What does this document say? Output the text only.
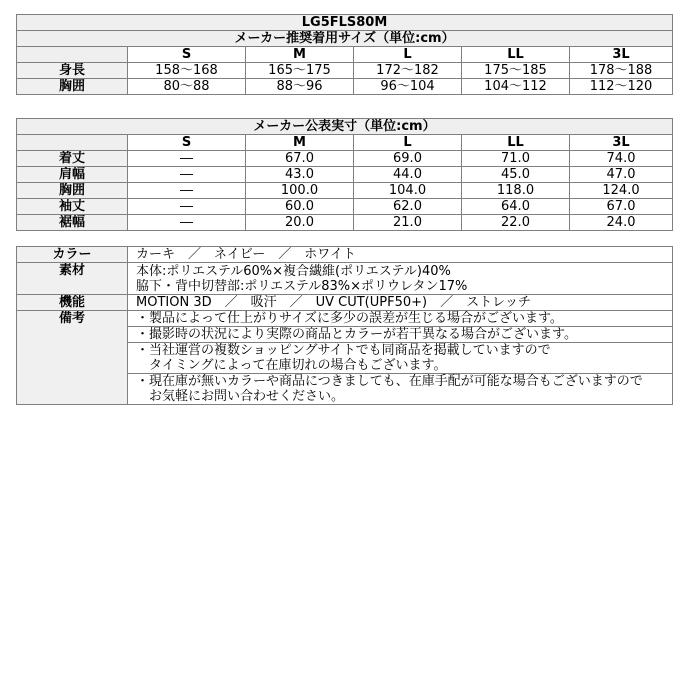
LG5FLS80M					
メーカー推奨着用サイズ（単位:cm）					
	S	M	L	LL	3L
身長	158～168	165～175	172～182	175～185	178～188
胸囲	80～88	88～96	96～104	104～112	112～120
メーカー公表実寸（単位:cm）					
	S	M	L	LL	3L
着丈	―	67.0	69.0	71.0	74.0
肩幅	―	43.0	44.0	45.0	47.0
胸囲	―	100.0	104.0	118.0	124.0
袖丈	―	60.0	62.0	64.0	67.0
裾幅	―	20.0	21.0	22.0	24.0
カラー	カーキ　／　ネイビー　／　ホワイト
素材	本体:ポリエステル60%×複合繊維(ポリエステル)40%
脇下・背中切替部:ポリエステル83%×ポリウレタン17%

機能	MOTION 3D　／　吸汗　／　UV CUT(UPF50+)　／　ストレッチ
備考	・製品によって仕上がりサイズに多少の誤差が生じる場合がございます。

	・撮影時の状況により実際の商品とカラーが若干異なる場合がございます。

	・当社運営の複数ショッピングサイトでも同商品を掲載していますので
　タイミングによって在庫切れの場合もございます。

	・現在庫が無いカラーや商品につきましても、在庫手配が可能な場合もございますので
　お気軽にお問い合わせください。
